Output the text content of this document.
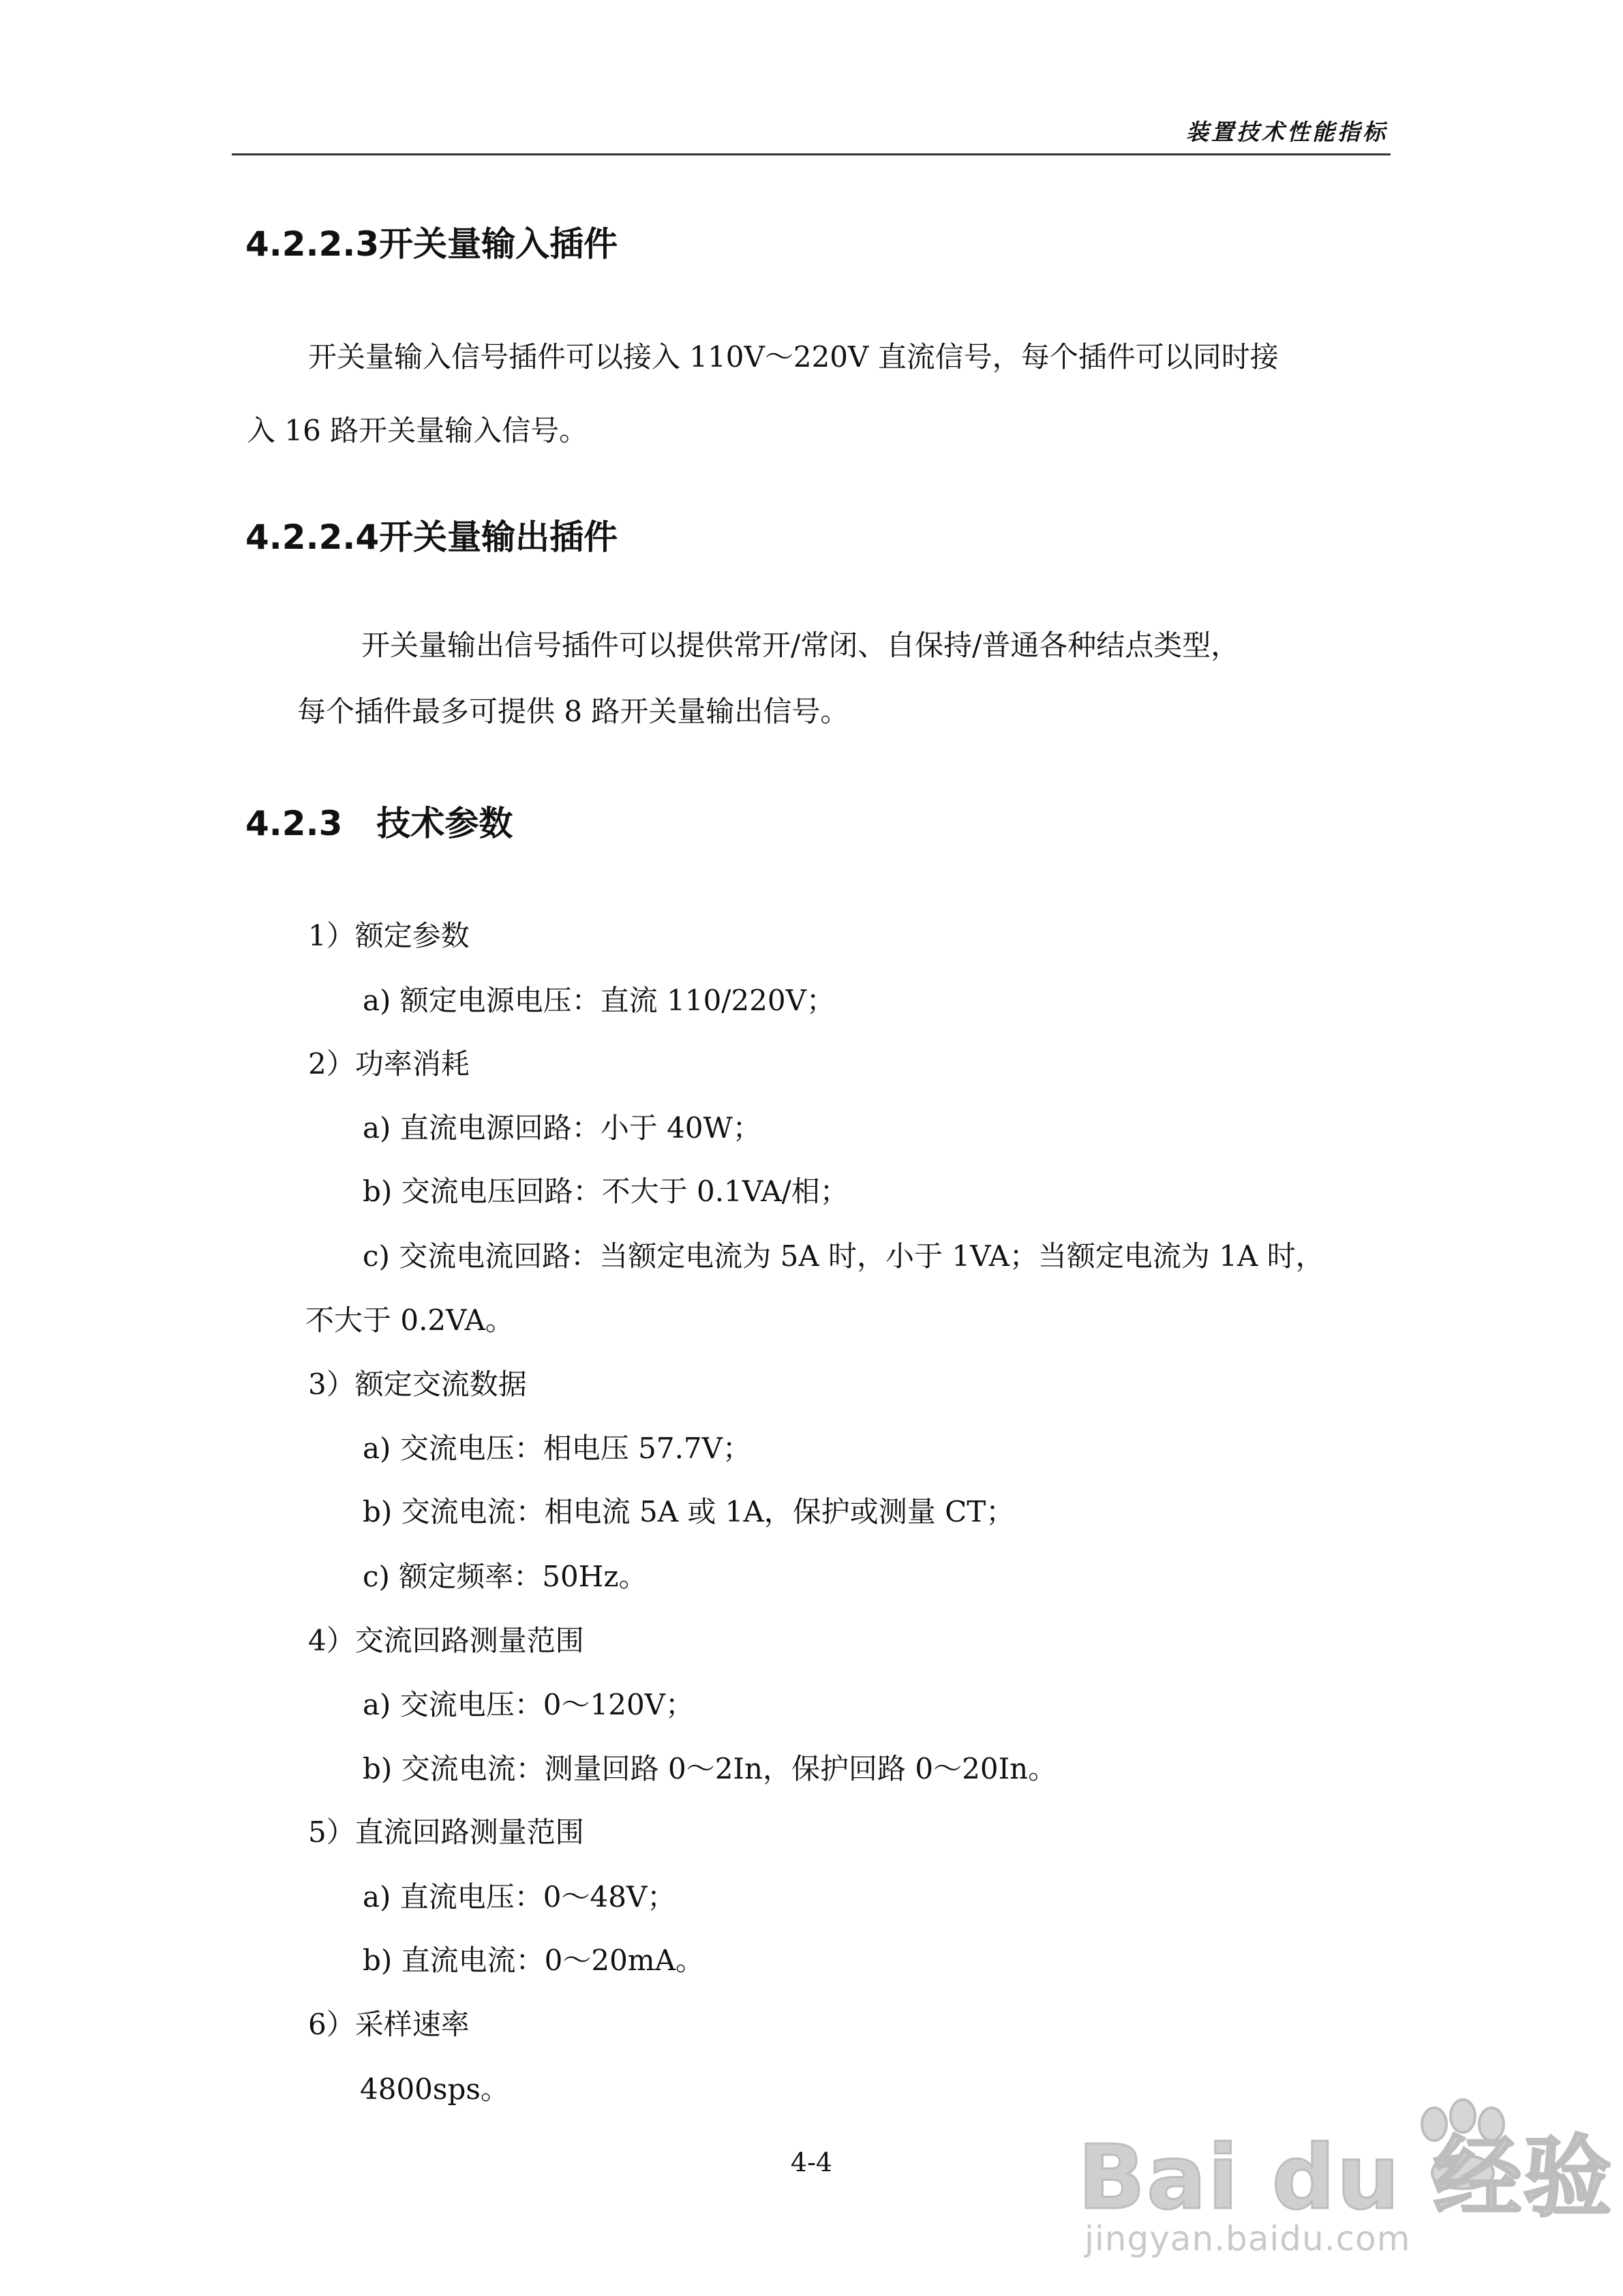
装置技术性能指标
4.2.2.3开关量输入插件
开关量输入信号插件可以接入 110V～220V 直流信号，每个插件可以同时接
入 16 路开关量输入信号。
4.2.2.4开关量输出插件
开关量输出信号插件可以提供常开/常闭、自保持/普通各种结点类型，
每个插件最多可提供 8 路开关量输出信号。
4.2.3 技术参数
1）额定参数
a) 额定电源电压：直流 110/220V；
2）功率消耗
a) 直流电源回路：小于 40W；
b) 交流电压回路：不大于 0.1VA/相；
c) 交流电流回路：当额定电流为 5A 时，小于 1VA；当额定电流为 1A 时，
不大于 0.2VA。
3）额定交流数据
a) 交流电压：相电压 57.7V；
b) 交流电流：相电流 5A 或 1A，保护或测量 CT；
c) 额定频率：50Hz。
4）交流回路测量范围
a) 交流电压：0～120V；
b) 交流电流：测量回路 0～2In，保护回路 0～20In。
5）直流回路测量范围
a) 直流电压：0～48V；
b) 直流电流：0～20mA。
6）采样速率
4800sps。
4-4	Bai du 经验
jingyan.baidu.com
